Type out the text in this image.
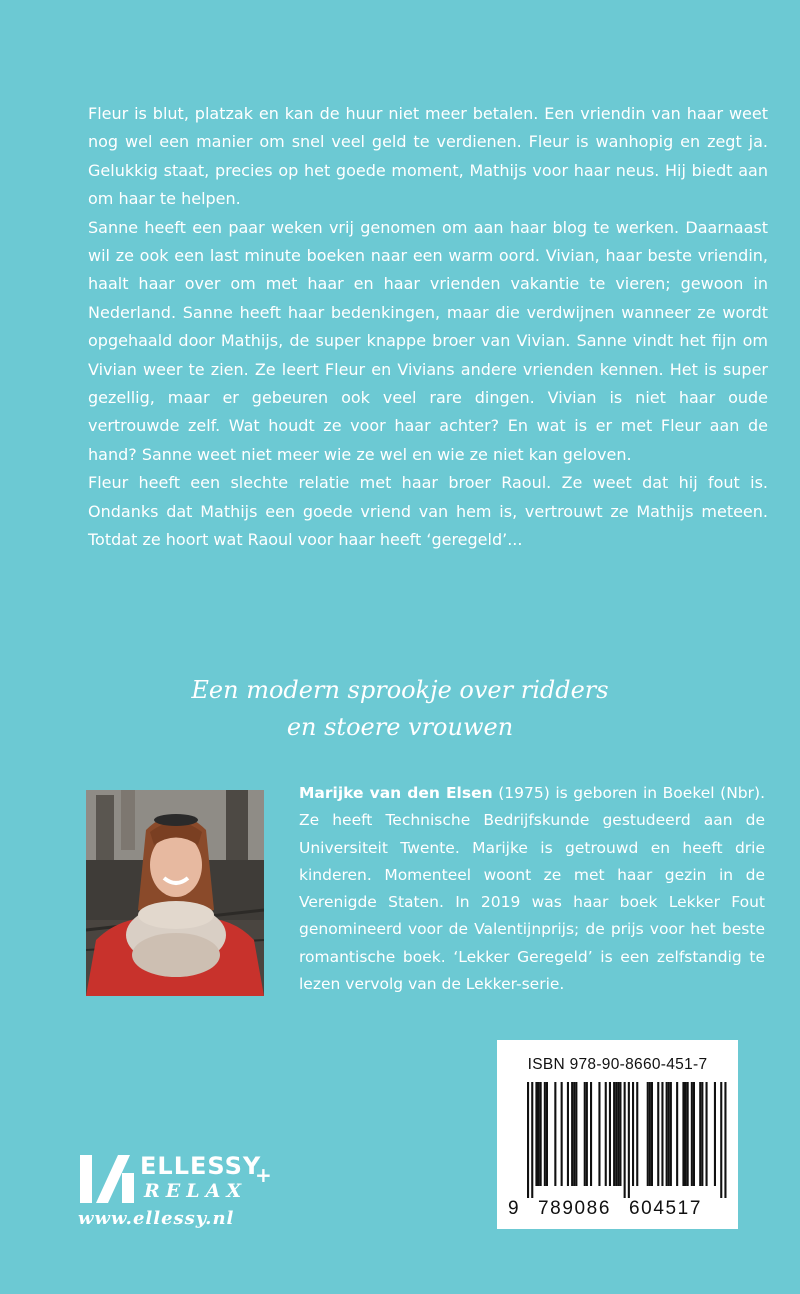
Fleur is blut, platzak en kan de huur niet meer betalen. Een vriendin van haar weet nog wel een manier om snel veel geld te verdienen. Fleur is wanhopig en zegt ja. Gelukkig staat, precies op het goede moment, Mathijs voor haar neus. Hij biedt aan om haar te helpen.

Sanne heeft een paar weken vrij genomen om aan haar blog te werken. Daarnaast wil ze ook een last minute boeken naar een warm oord. Vivian, haar beste vriendin, haalt haar over om met haar en haar vrienden vakantie te vieren; gewoon in Nederland. Sanne heeft haar bedenkingen, maar die verdwijnen wanneer ze wordt opgehaald door Mathijs, de super knappe broer van Vivian. Sanne vindt het fijn om Vivian weer te zien. Ze leert Fleur en Vivians andere vrienden kennen. Het is super gezellig, maar er gebeuren ook veel rare dingen. Vivian is niet haar oude vertrouwde zelf. Wat houdt ze voor haar achter? En wat is er met Fleur aan de hand? Sanne weet niet meer wie ze wel en wie ze niet kan geloven.

Fleur heeft een slechte relatie met haar broer Raoul. Ze weet dat hij fout is. Ondanks dat Mathijs een goede vriend van hem is, vertrouwt ze Mathijs meteen. Totdat ze hoort wat Raoul voor haar heeft ‘geregeld’...

Een modern sprookje over ridders
en stoere vrouwen

Marijke van den Elsen (1975) is geboren in Boekel (Nbr). Ze heeft Technische Bedrijfskunde gestudeerd aan de Universiteit Twente. Marijke is getrouwd en heeft drie kinderen. Momenteel woont ze met haar gezin in de Verenigde Staten. In 2019 was haar boek Lekker Fout genomineerd voor de Valentijnprijs; de prijs voor het beste romantische boek. ‘Lekker Geregeld’ is een zelfstandig te lezen vervolg van de Lekker-serie.

ISBN 978-90-8660-451-7
9 789086 604517
ELLESSY
+
RELAX
www.ellessy.nl
